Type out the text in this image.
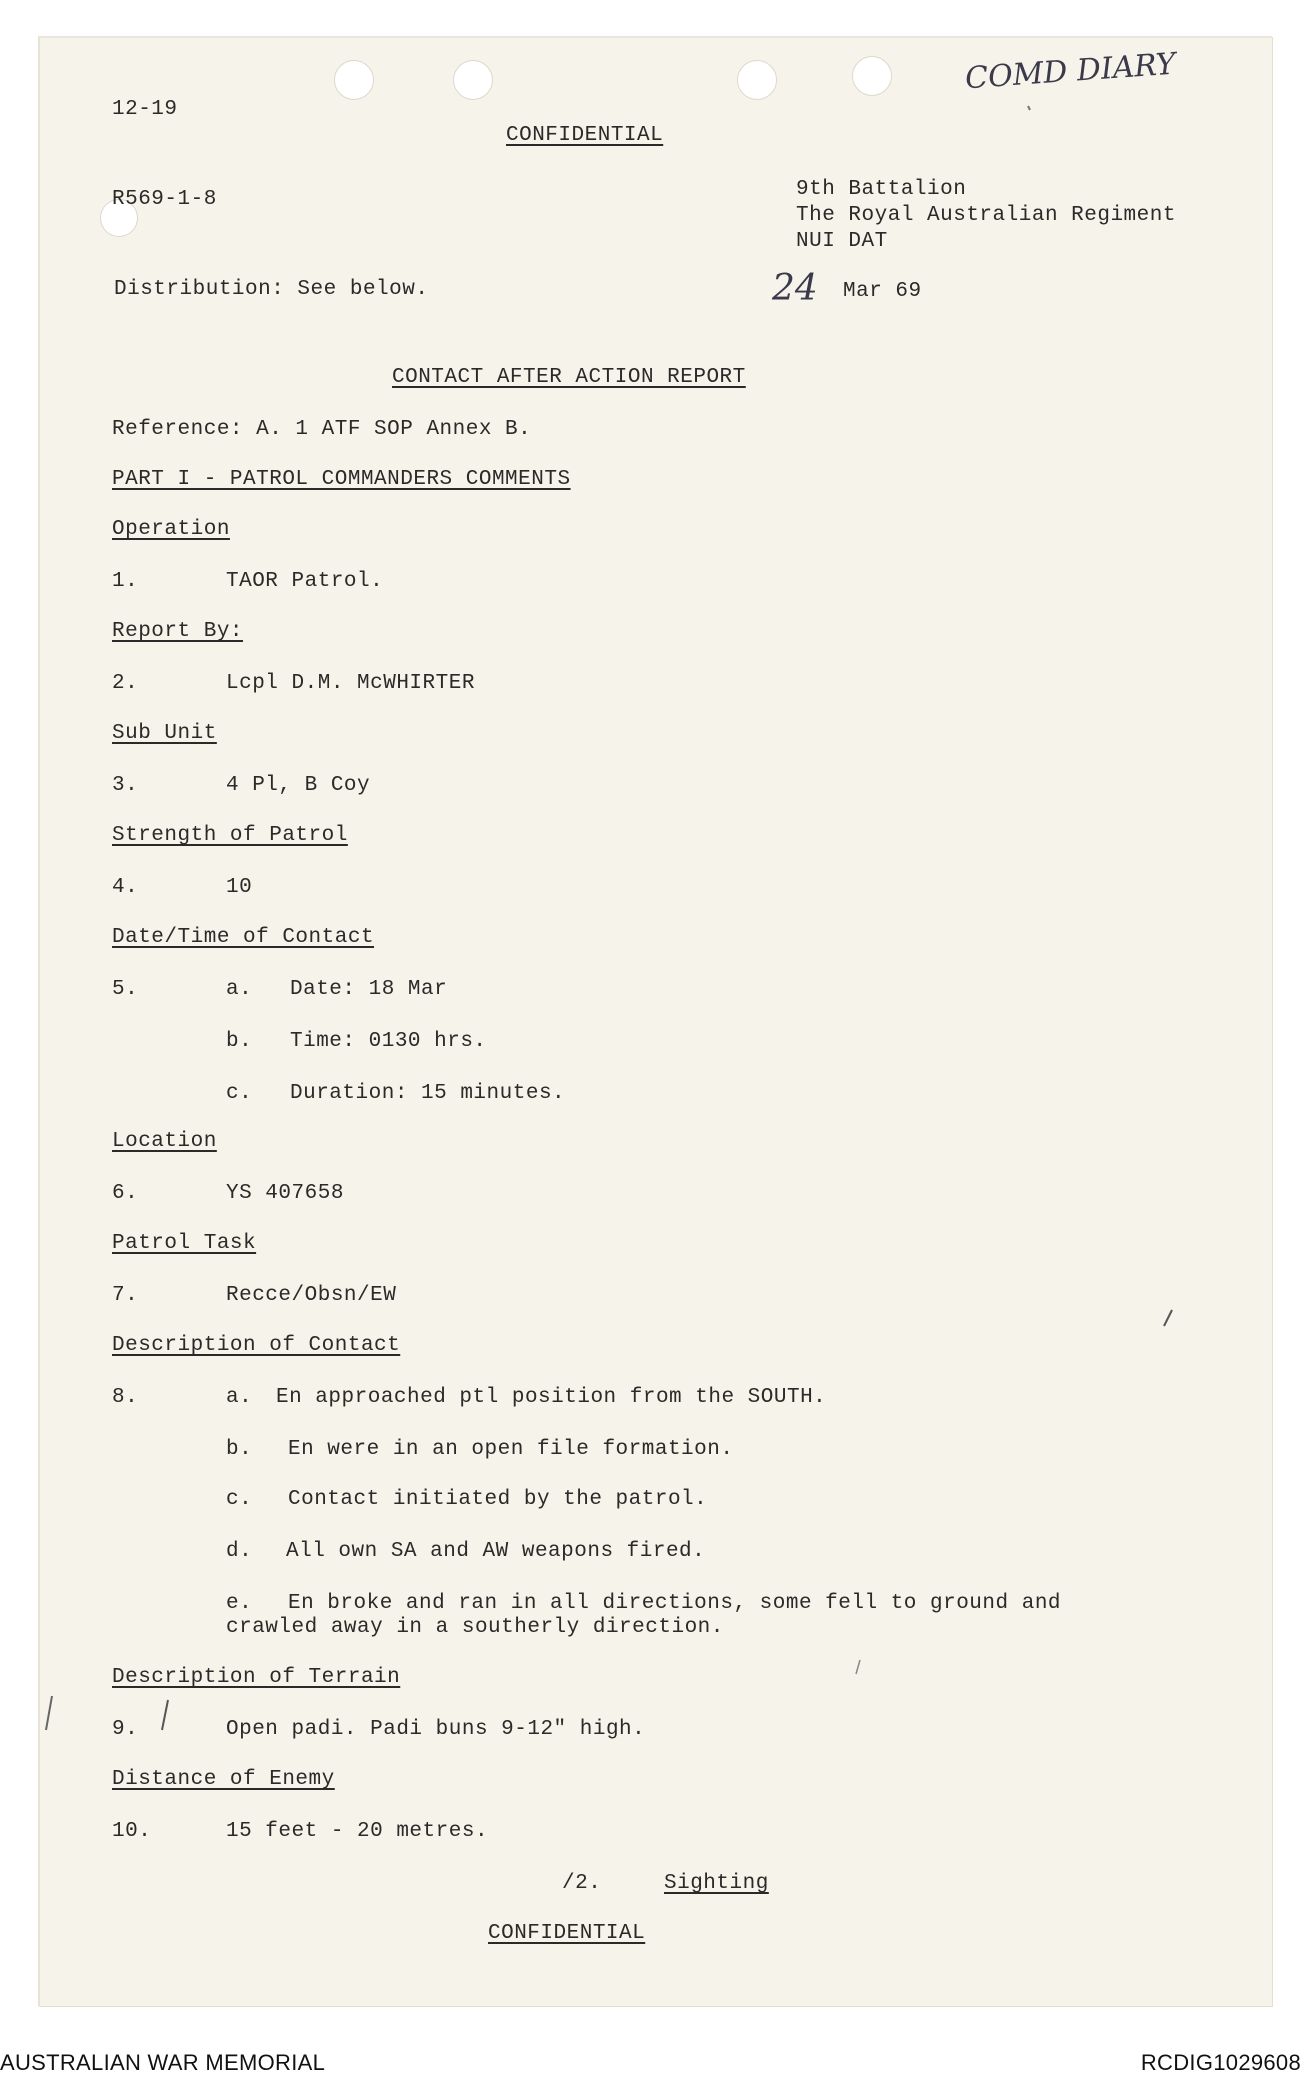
COMD DIARY
12-19
CONFIDENTIAL
R569-1-8	9th Battalion
The Royal Australian Regiment
NUI DAT
Distribution: See below.	24 Mar 69
CONTACT AFTER ACTION REPORT
Reference: A. 1 ATF SOP Annex B.
PART I - PATROL COMMANDERS COMMENTS
Operation
1.	TAOR Patrol.
Report By:
2.	Lcpl D.M. McWHIRTER
Sub Unit
3.	4 Pl, B Coy
Strength of Patrol
4.	10
Date/Time of Contact
5.	a. Date: 18 Mar
b. Time: 0130 hrs.
c. Duration: 15 minutes.
Location
6.	YS 407658
Patrol Task
7.	Recce/Obsn/EW
Description of Contact
8.	a. En approached ptl position from the SOUTH.
b. En were in an open file formation.
c. Contact initiated by the patrol.
d. All own SA and AW weapons fired.
e. En broke and ran in all directions, some fell to ground and
crawled away in a southerly direction.
Description of Terrain
9.	Open padi. Padi buns 9-12" high.
Distance of Enemy
10.	15 feet - 20 metres.
/2.	Sighting
CONFIDENTIAL
AUSTRALIAN WAR MEMORIAL	RCDIG1029608
